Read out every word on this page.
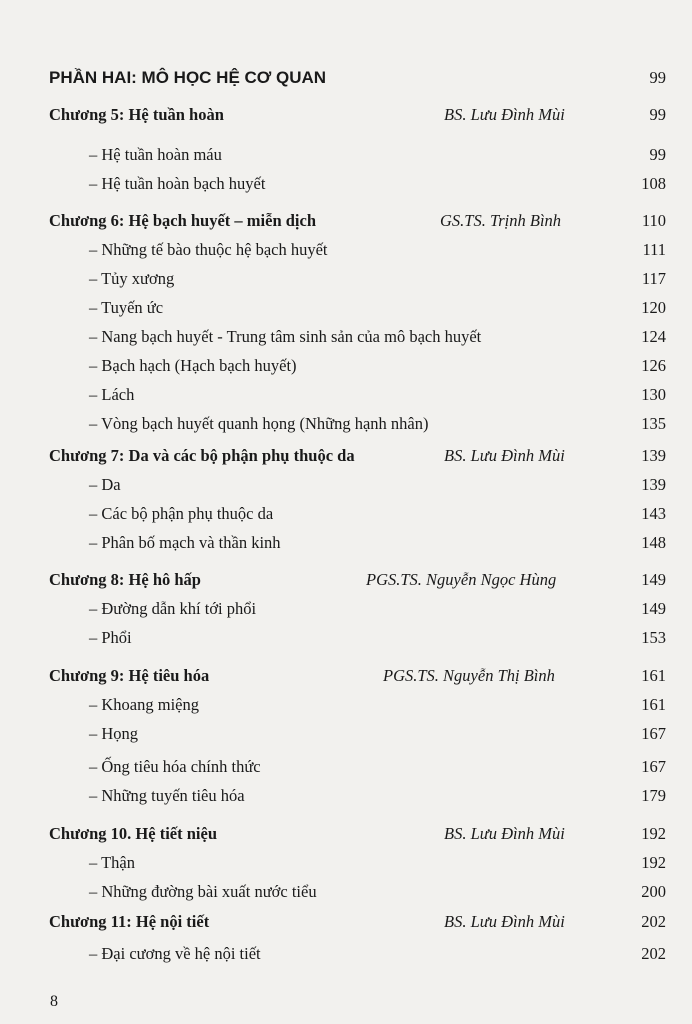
PHẦN HAI: MÔ HỌC HỆ CƠ QUAN	99
Chương 5: Hệ tuần hoàn	BS. Lưu Đình Mùi	99
– Hệ tuần hoàn máu	99
– Hệ tuần hoàn bạch huyết	108
Chương 6: Hệ bạch huyết – miễn dịch	GS.TS. Trịnh Bình	110
– Những tế bào thuộc hệ bạch huyết	111
– Tủy xương	117
– Tuyến ức	120
– Nang bạch huyết - Trung tâm sinh sản của mô bạch huyết	124
– Bạch hạch (Hạch bạch huyết)	126
– Lách	130
– Vòng bạch huyết quanh họng (Những hạnh nhân)	135
Chương 7: Da và các bộ phận phụ thuộc da	BS. Lưu Đình Mùi	139
– Da	139
– Các bộ phận phụ thuộc da	143
– Phân bố mạch và thần kinh	148
Chương 8: Hệ hô hấp	PGS.TS. Nguyễn Ngọc Hùng	149
– Đường dẫn khí tới phổi	149
– Phổi	153
Chương 9: Hệ tiêu hóa	PGS.TS. Nguyễn Thị Bình	161
– Khoang miệng	161
– Họng	167
– Ống tiêu hóa chính thức	167
– Những tuyến tiêu hóa	179
Chương 10. Hệ tiết niệu	BS. Lưu Đình Mùi	192
– Thận	192
– Những đường bài xuất nước tiểu	200
Chương 11: Hệ nội tiết	BS. Lưu Đình Mùi	202
– Đại cương về hệ nội tiết	202
8
